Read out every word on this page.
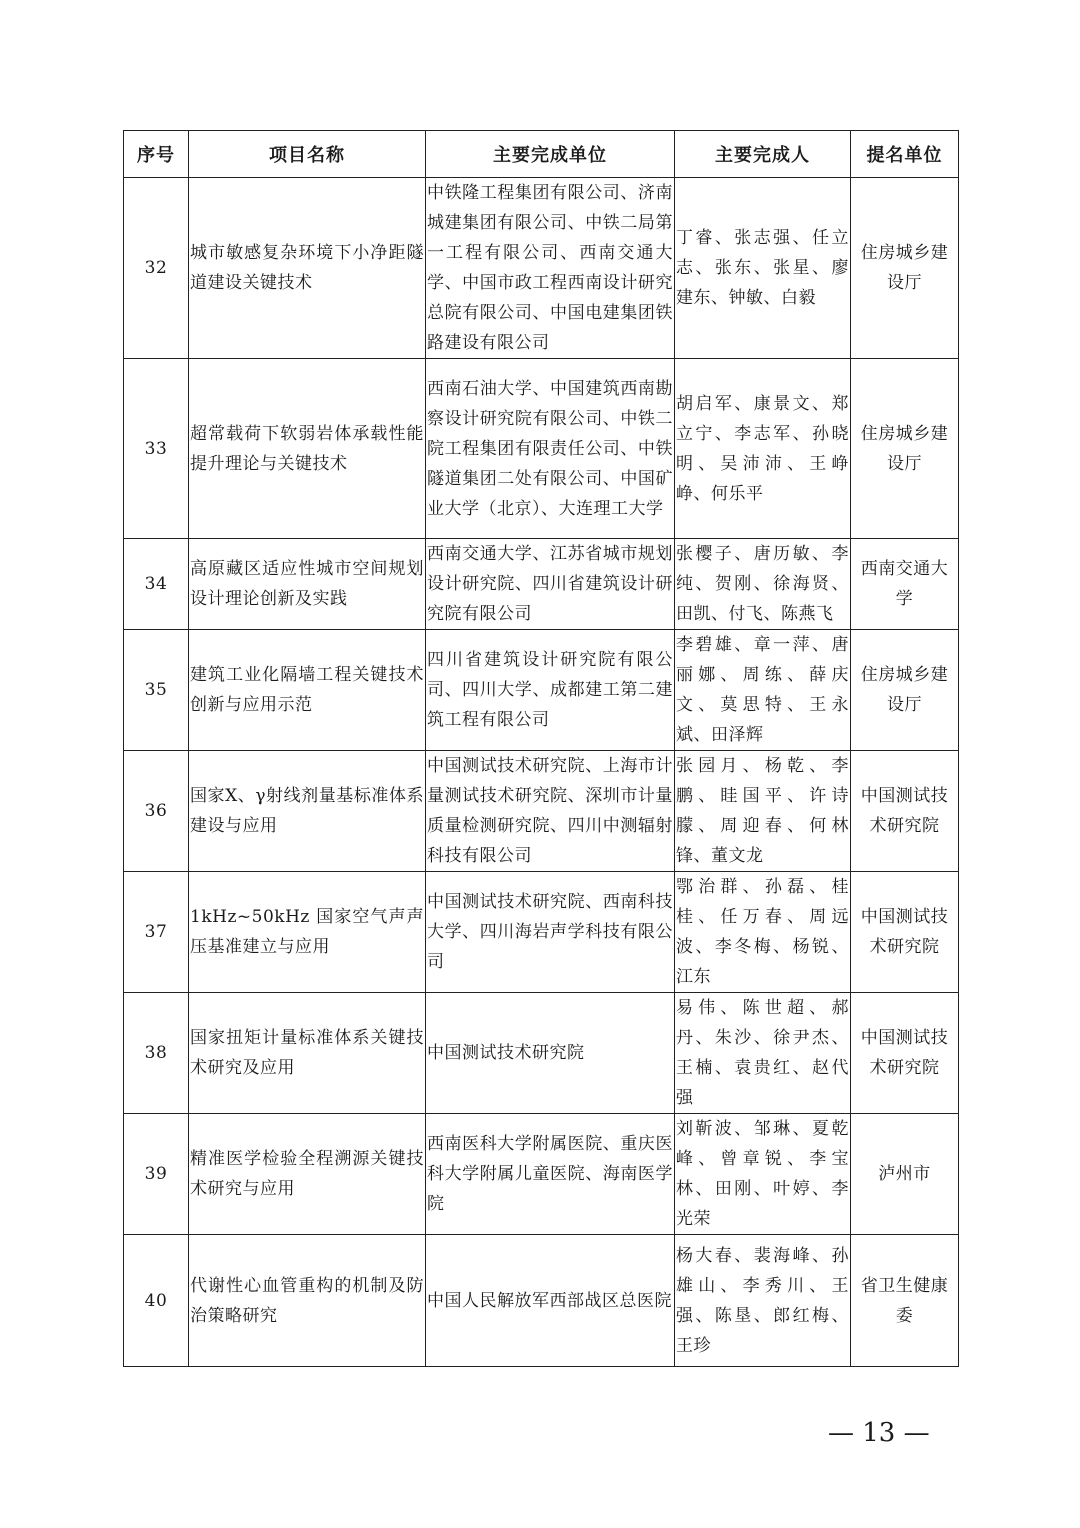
序号	项目名称	主要完成单位	主要完成人	提名单位
32	城市敏感复杂环境下小净距隧道建设关键技术	中铁隆工程集团有限公司、济南城建集团有限公司、中铁二局第一工程有限公司、西南交通大学、中国市政工程西南设计研究总院有限公司、中国电建集团铁路建设有限公司	丁睿、张志强、任立志、张东、张星、廖建东、钟敏、白毅	住房城乡建设厅
33	超常载荷下软弱岩体承载性能提升理论与关键技术	西南石油大学、中国建筑西南勘察设计研究院有限公司、中铁二院工程集团有限责任公司、中铁隧道集团二处有限公司、中国矿业大学（北京）、大连理工大学	胡启军、康景文、郑立宁、李志军、孙晓明、吴沛沛、王峥峥、何乐平	住房城乡建设厅
34	高原藏区适应性城市空间规划设计理论创新及实践	西南交通大学、江苏省城市规划设计研究院、四川省建筑设计研究院有限公司	张樱子、唐历敏、李纯、贺刚、徐海贤、田凯、付飞、陈燕飞	西南交通大学
35	建筑工业化隔墙工程关键技术创新与应用示范	四川省建筑设计研究院有限公司、四川大学、成都建工第二建筑工程有限公司	李碧雄、章一萍、唐丽娜、周练、薛庆文、莫思特、王永斌、田泽辉	住房城乡建设厅
36	国家X、γ射线剂量基标准体系建设与应用	中国测试技术研究院、上海市计量测试技术研究院、深圳市计量质量检测研究院、四川中测辐射科技有限公司	张园月、杨乾、李鹏、眭国平、许诗朦、周迎春、何林锋、董文龙	中国测试技术研究院
37	1kHz~50kHz 国家空气声声压基准建立与应用	中国测试技术研究院、西南科技大学、四川海岩声学科技有限公司	鄂治群、孙磊、桂桂、任万春、周远波、李冬梅、杨锐、江东	中国测试技术研究院
38	国家扭矩计量标准体系关键技术研究及应用	中国测试技术研究院	易伟、陈世超、郝丹、朱沙、徐尹杰、王楠、袁贵红、赵代强	中国测试技术研究院
39	精准医学检验全程溯源关键技术研究与应用	西南医科大学附属医院、重庆医科大学附属儿童医院、海南医学院	刘靳波、邹琳、夏乾峰、曾章锐、李宝林、田刚、叶婷、李光荣	泸州市
40	代谢性心血管重构的机制及防治策略研究	中国人民解放军西部战区总医院	杨大春、裴海峰、孙雄山、李秀川、王强、陈垦、郎红梅、王珍	省卫生健康委
— 13 —
